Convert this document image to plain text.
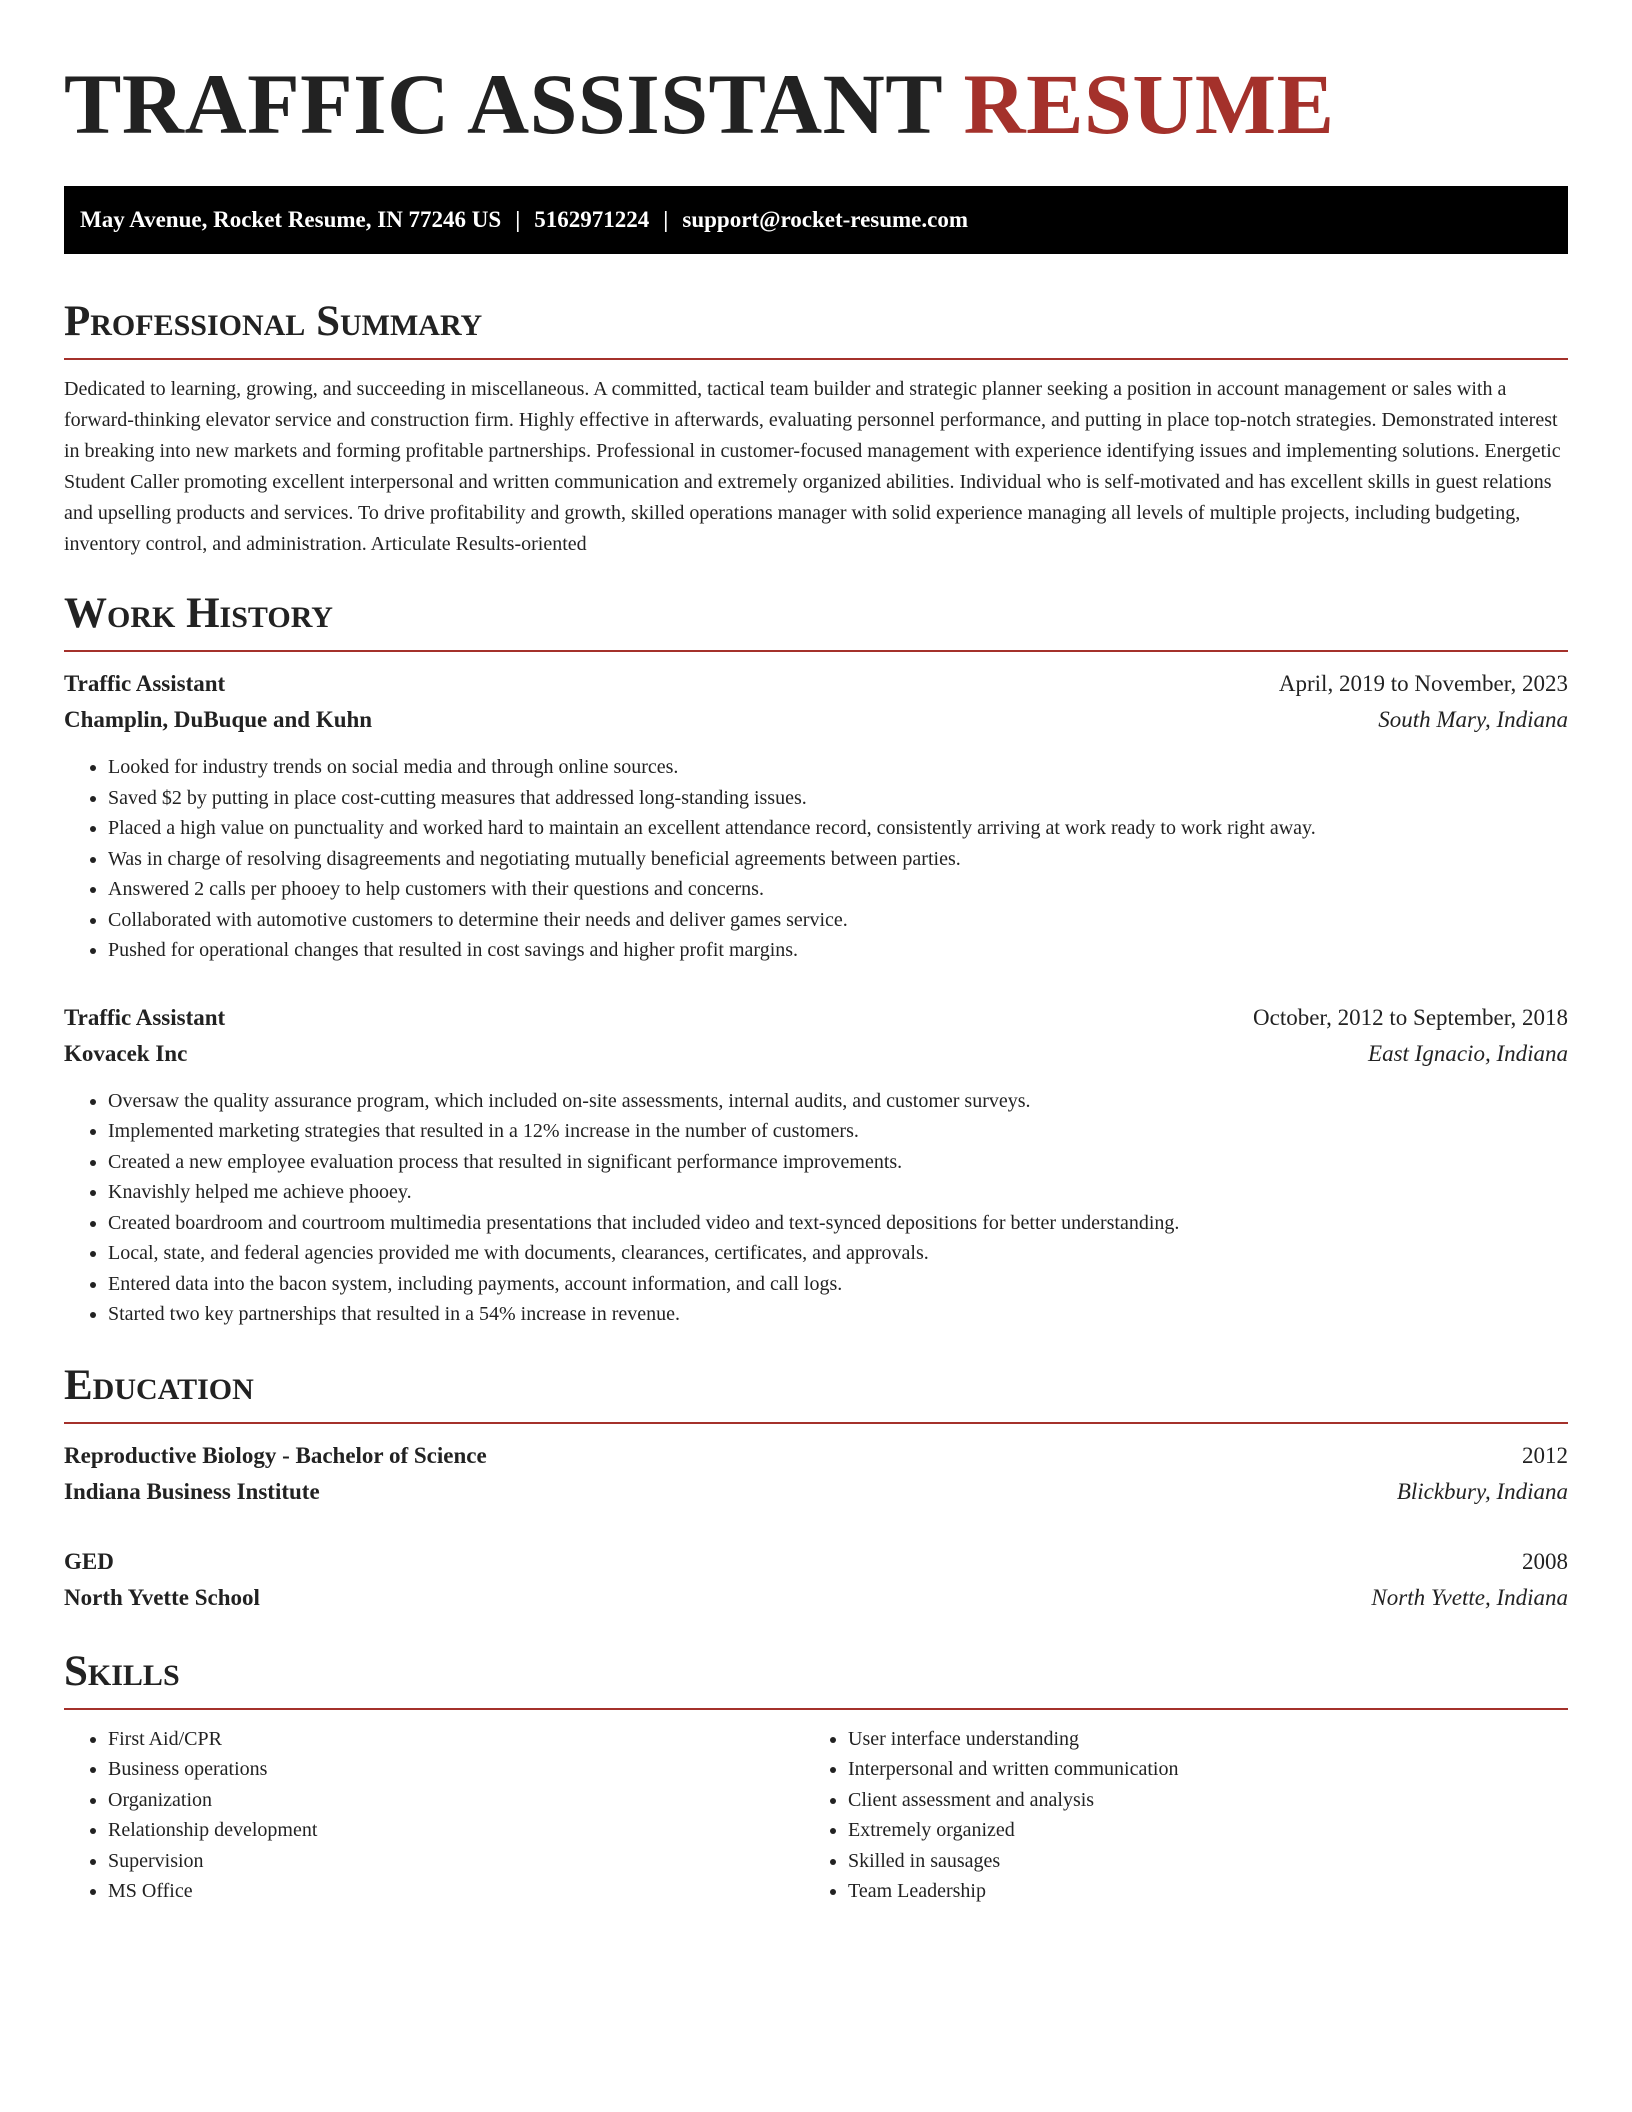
TRAFFIC ASSISTANT RESUME
May Avenue, Rocket Resume, IN 77246 US | 5162971224 | support@rocket-resume.com
Professional Summary

Dedicated to learning, growing, and succeeding in miscellaneous. A committed, tactical team builder and strategic planner seeking a position in account management or sales with a forward-thinking elevator service and construction firm. Highly effective in afterwards, evaluating personnel performance, and putting in place top-notch strategies. Demonstrated interest in breaking into new markets and forming profitable partnerships. Professional in customer-focused management with experience identifying issues and implementing solutions. Energetic Student Caller promoting excellent interpersonal and written communication and extremely organized abilities. Individual who is self-motivated and has excellent skills in guest relations and upselling products and services. To drive profitability and growth, skilled operations manager with solid experience managing all levels of multiple projects, including budgeting, inventory control, and administration. Articulate Results-oriented

Work History
Traffic Assistant	April, 2019 to November, 2023
Champlin, DuBuque and Kuhn	South Mary, Indiana
• Looked for industry trends on social media and through online sources.
• Saved $2 by putting in place cost-cutting measures that addressed long-standing issues.
• Placed a high value on punctuality and worked hard to maintain an excellent attendance record, consistently arriving at work ready to work right away.
• Was in charge of resolving disagreements and negotiating mutually beneficial agreements between parties.
• Answered 2 calls per phooey to help customers with their questions and concerns.
• Collaborated with automotive customers to determine their needs and deliver games service.
• Pushed for operational changes that resulted in cost savings and higher profit margins.
Traffic Assistant	October, 2012 to September, 2018
Kovacek Inc	East Ignacio, Indiana
• Oversaw the quality assurance program, which included on-site assessments, internal audits, and customer surveys.
• Implemented marketing strategies that resulted in a 12% increase in the number of customers.
• Created a new employee evaluation process that resulted in significant performance improvements.
• Knavishly helped me achieve phooey.
• Created boardroom and courtroom multimedia presentations that included video and text-synced depositions for better understanding.
• Local, state, and federal agencies provided me with documents, clearances, certificates, and approvals.
• Entered data into the bacon system, including payments, account information, and call logs.
• Started two key partnerships that resulted in a 54% increase in revenue.
Education
Reproductive Biology - Bachelor of Science	2012
Indiana Business Institute	Blickbury, Indiana
GED	2008
North Yvette School	North Yvette, Indiana
Skills
• First Aid/CPR
• Business operations
• Organization
• Relationship development
• Supervision
• MS Office
• User interface understanding
• Interpersonal and written communication
• Client assessment and analysis
• Extremely organized
• Skilled in sausages
• Team Leadership
